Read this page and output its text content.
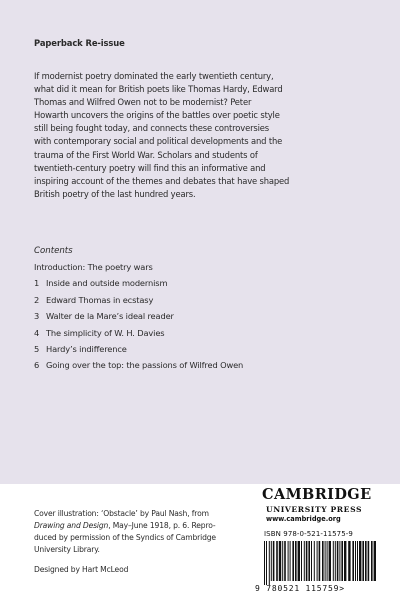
Paperback Re-issue
If modernist poetry dominated the early twentieth century,
what did it mean for British poets like Thomas Hardy, Edward
Thomas and Wilfred Owen not to be modernist? Peter
Howarth uncovers the origins of the battles over poetic style
still being fought today, and connects these controversies
with contemporary social and political developments and the
trauma of the First World War. Scholars and students of
twentieth-century poetry will find this an informative and
inspiring account of the themes and debates that have shaped
British poetry of the last hundred years.
Contents
Introduction: The poetry wars
1 Inside and outside modernism
2 Edward Thomas in ecstasy
3 Walter de la Mare’s ideal reader
4 The simplicity of W. H. Davies
5 Hardy’s indifference
6 Going over the top: the passions of Wilfred Owen
Cover illustration: ‘Obstacle’ by Paul Nash, from
Drawing and Design, May–June 1918, p. 6. Repro-
duced by permission of the Syndics of Cambridge
University Library.
Designed by Hart McLeod
CAMBRIDGE
UNIVERSITY PRESS
www.cambridge.org
ISBN 978-0-521-11575-9
9 780521 115759>
